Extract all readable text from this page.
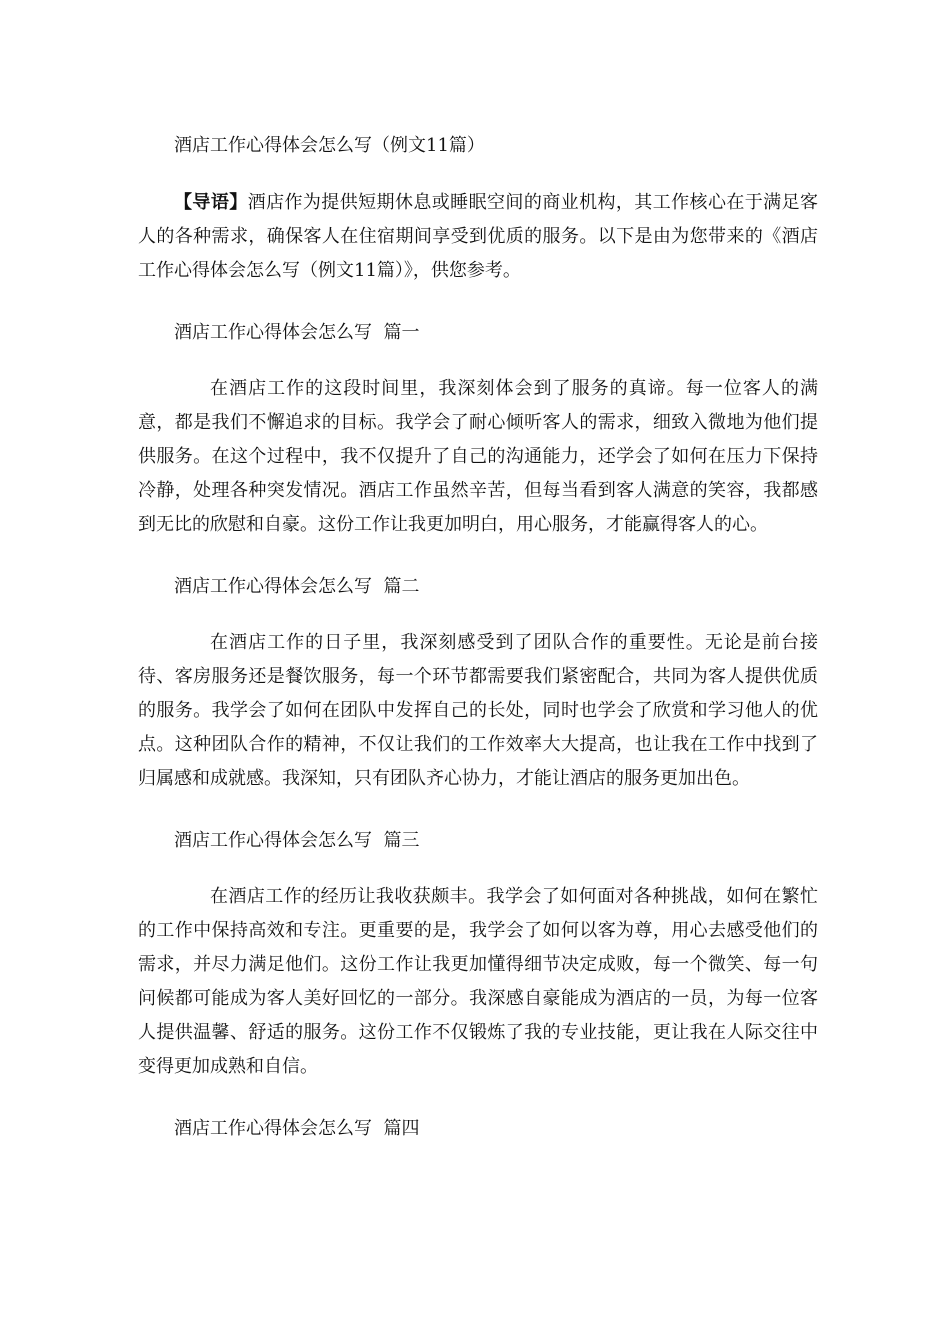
酒店工作心得体会怎么写（例文11篇）

【导语】酒店作为提供短期休息或睡眠空间的商业机构，其工作核心在于满足客人的各种需求，确保客人在住宿期间享受到优质的服务。以下是由为您带来的《酒店工作心得体会怎么写（例文11篇）》，供您参考。

酒店工作心得体会怎么写  篇一

在酒店工作的这段时间里，我深刻体会到了服务的真谛。每一位客人的满意，都是我们不懈追求的目标。我学会了耐心倾听客人的需求，细致入微地为他们提供服务。在这个过程中，我不仅提升了自己的沟通能力，还学会了如何在压力下保持冷静，处理各种突发情况。酒店工作虽然辛苦，但每当看到客人满意的笑容，我都感到无比的欣慰和自豪。这份工作让我更加明白，用心服务，才能赢得客人的心。

酒店工作心得体会怎么写  篇二

在酒店工作的日子里，我深刻感受到了团队合作的重要性。无论是前台接待、客房服务还是餐饮服务，每一个环节都需要我们紧密配合，共同为客人提供优质的服务。我学会了如何在团队中发挥自己的长处，同时也学会了欣赏和学习他人的优点。这种团队合作的精神，不仅让我们的工作效率大大提高，也让我在工作中找到了归属感和成就感。我深知，只有团队齐心协力，才能让酒店的服务更加出色。

酒店工作心得体会怎么写  篇三

在酒店工作的经历让我收获颇丰。我学会了如何面对各种挑战，如何在繁忙的工作中保持高效和专注。更重要的是，我学会了如何以客为尊，用心去感受他们的需求，并尽力满足他们。这份工作让我更加懂得细节决定成败，每一个微笑、每一句问候都可能成为客人美好回忆的一部分。我深感自豪能成为酒店的一员，为每一位客人提供温馨、舒适的服务。这份工作不仅锻炼了我的专业技能，更让我在人际交往中变得更加成熟和自信。

酒店工作心得体会怎么写  篇四
